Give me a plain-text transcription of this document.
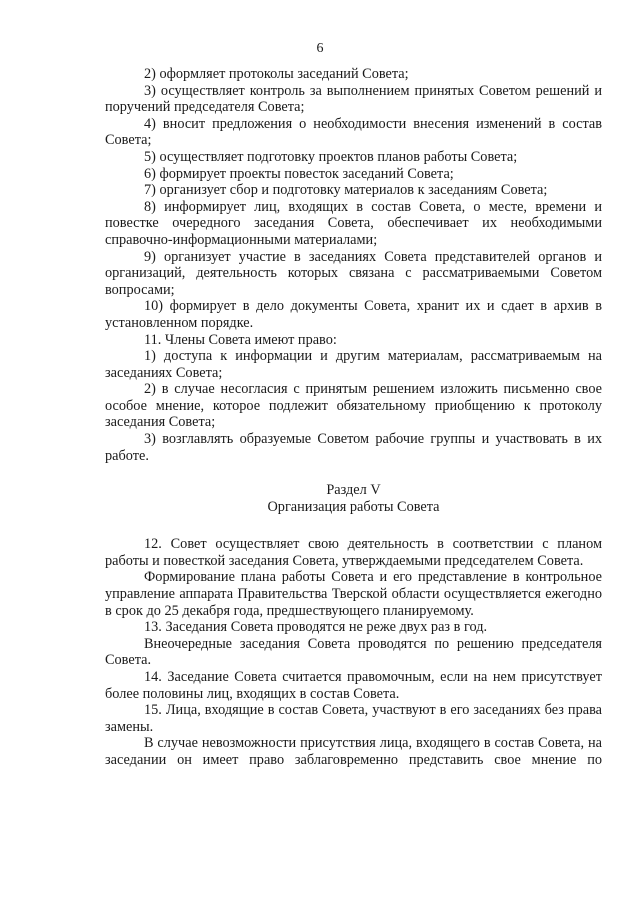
6

2) оформляет протоколы заседаний Совета;

3) осуществляет контроль за выполнением принятых Советом решений и поручений председателя Совета;

4) вносит предложения о необходимости внесения изменений в состав Совета;

5) осуществляет подготовку проектов планов работы Совета;

6) формирует проекты повесток заседаний Совета;

7) организует сбор и подготовку материалов к заседаниям Совета;

8) информирует лиц, входящих в состав Совета, о месте, времени и повестке очередного заседания Совета, обеспечивает их необходимыми справочно-информационными материалами;

9) организует участие в заседаниях Совета представителей органов и организаций, деятельность которых связана с рассматриваемыми Советом вопросами;

10) формирует в дело документы Совета, хранит их и сдает в архив в установленном порядке.

11. Члены Совета имеют право:

1) доступа к информации и другим материалам, рассматриваемым на заседаниях Совета;

2) в случае несогласия с принятым решением изложить письменно свое особое мнение, которое подлежит обязательному приобщению к протоколу заседания Совета;

3) возглавлять образуемые Советом рабочие группы и участвовать в их работе.

Раздел V
Организация работы Совета

12. Совет осуществляет свою деятельность в соответствии с планом работы и повесткой заседания Совета, утверждаемыми председателем Совета.

Формирование плана работы Совета и его представление в контрольное управление аппарата Правительства Тверской области осуществляется ежегодно в срок до 25 декабря года, предшествующего планируемому.

13. Заседания Совета проводятся не реже двух раз в год.

Внеочередные заседания Совета проводятся по решению председателя Совета.

14. Заседание Совета считается правомочным, если на нем присутствует более половины лиц, входящих в состав Совета.

15. Лица, входящие в состав Совета, участвуют в его заседаниях без права замены.

В случае невозможности присутствия лица, входящего в состав Совета, на заседании он имеет право заблаговременно представить свое мнение по
